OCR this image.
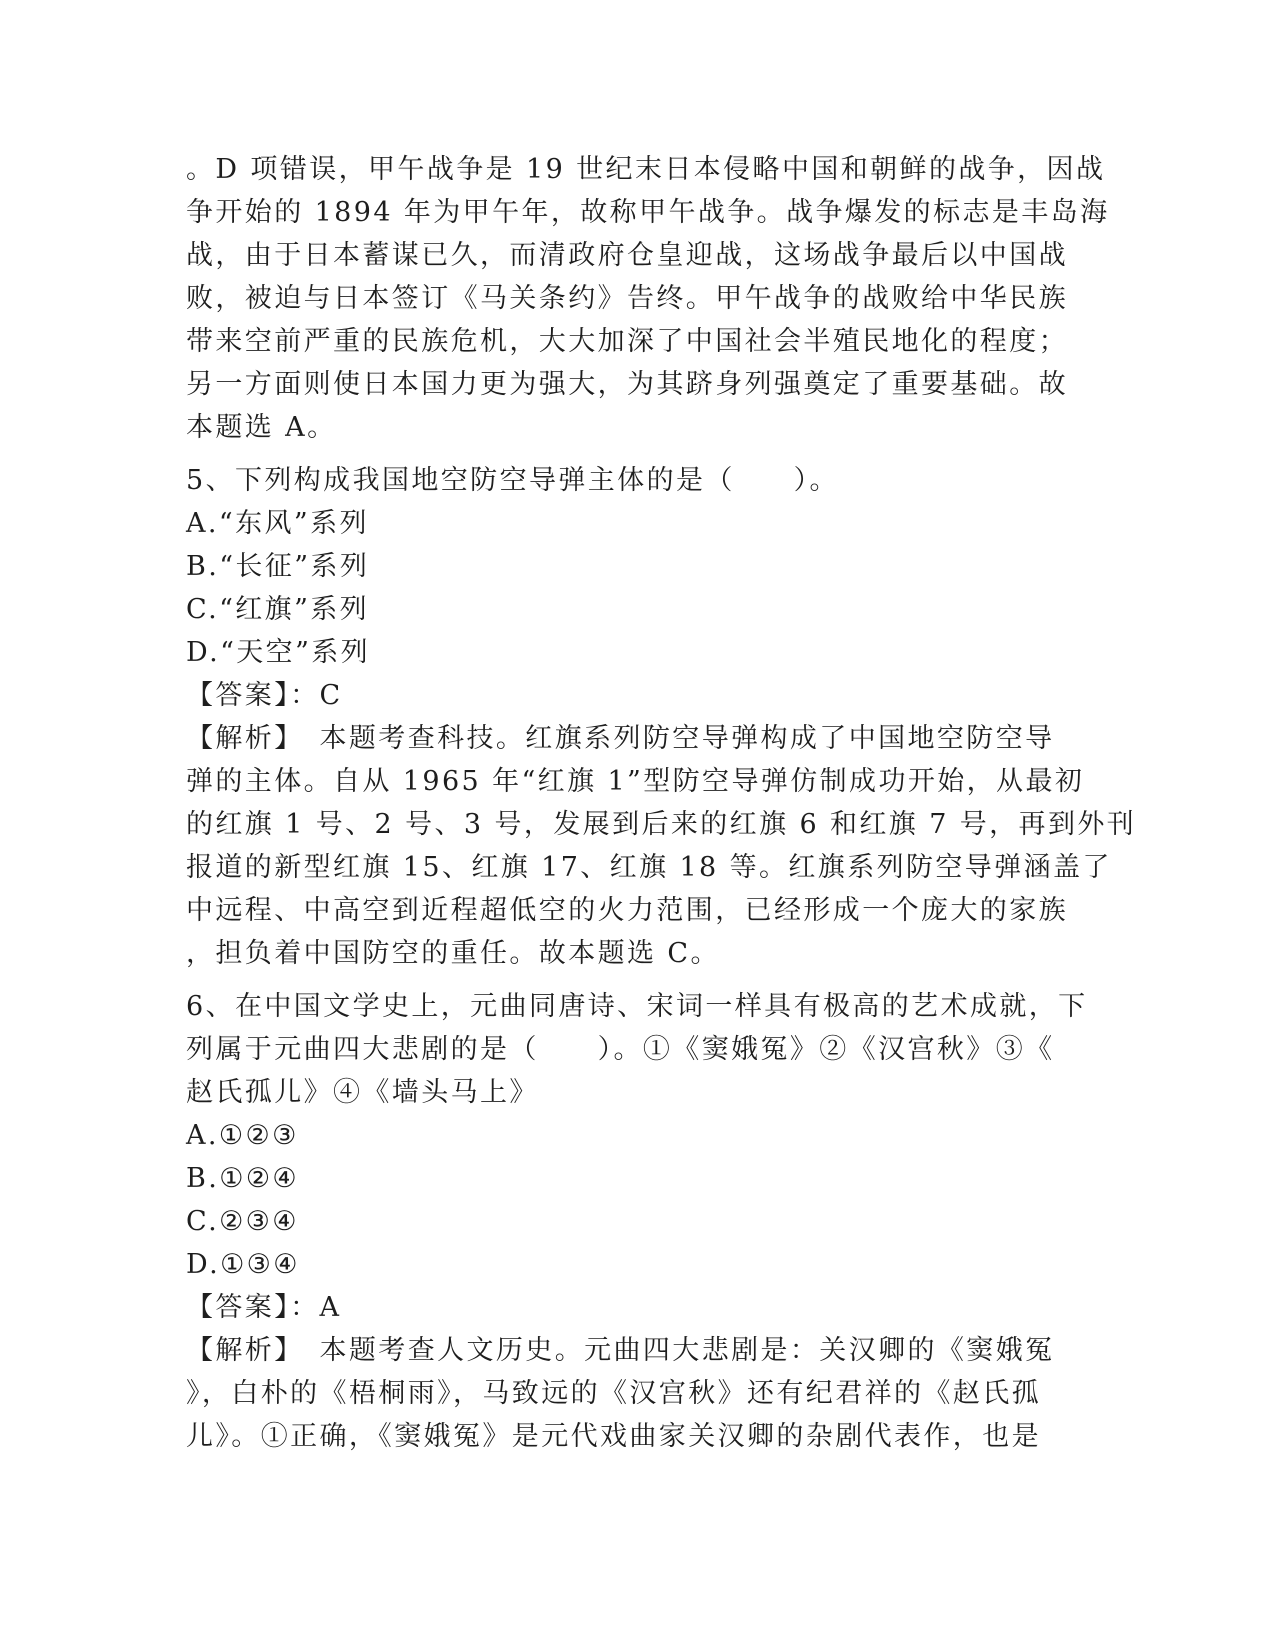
。D 项错误，甲午战争是 19 世纪末日本侵略中国和朝鲜的战争，因战
争开始的 1894 年为甲午年，故称甲午战争。战争爆发的标志是丰岛海
战，由于日本蓄谋已久，而清政府仓皇迎战，这场战争最后以中国战
败，被迫与日本签订《马关条约》告终。甲午战争的战败给中华民族
带来空前严重的民族危机，大大加深了中国社会半殖民地化的程度；
另一方面则使日本国力更为强大，为其跻身列强奠定了重要基础。故
本题选 A。
5、下列构成我国地空防空导弹主体的是（　　）。
A.“东风”系列
B.“长征”系列
C.“红旗”系列
D.“天空”系列
【答案】：C
【解析】　本题考查科技。红旗系列防空导弹构成了中国地空防空导
弹的主体。自从 1965 年“红旗 1”型防空导弹仿制成功开始，从最初
的红旗 1 号、2 号、3 号，发展到后来的红旗 6 和红旗 7 号，再到外刊
报道的新型红旗 15、红旗 17、红旗 18 等。红旗系列防空导弹涵盖了
中远程、中高空到近程超低空的火力范围，已经形成一个庞大的家族
，担负着中国防空的重任。故本题选 C。
6、在中国文学史上，元曲同唐诗、宋词一样具有极高的艺术成就，下
列属于元曲四大悲剧的是（　　）。①《窦娥冤》②《汉宫秋》③《
赵氏孤儿》④《墙头马上》
A.①②③
B.①②④
C.②③④
D.①③④
【答案】：A
【解析】　本题考查人文历史。元曲四大悲剧是：关汉卿的《窦娥冤
》，白朴的《梧桐雨》，马致远的《汉宫秋》还有纪君祥的《赵氏孤
儿》。①正确，《窦娥冤》是元代戏曲家关汉卿的杂剧代表作，也是
